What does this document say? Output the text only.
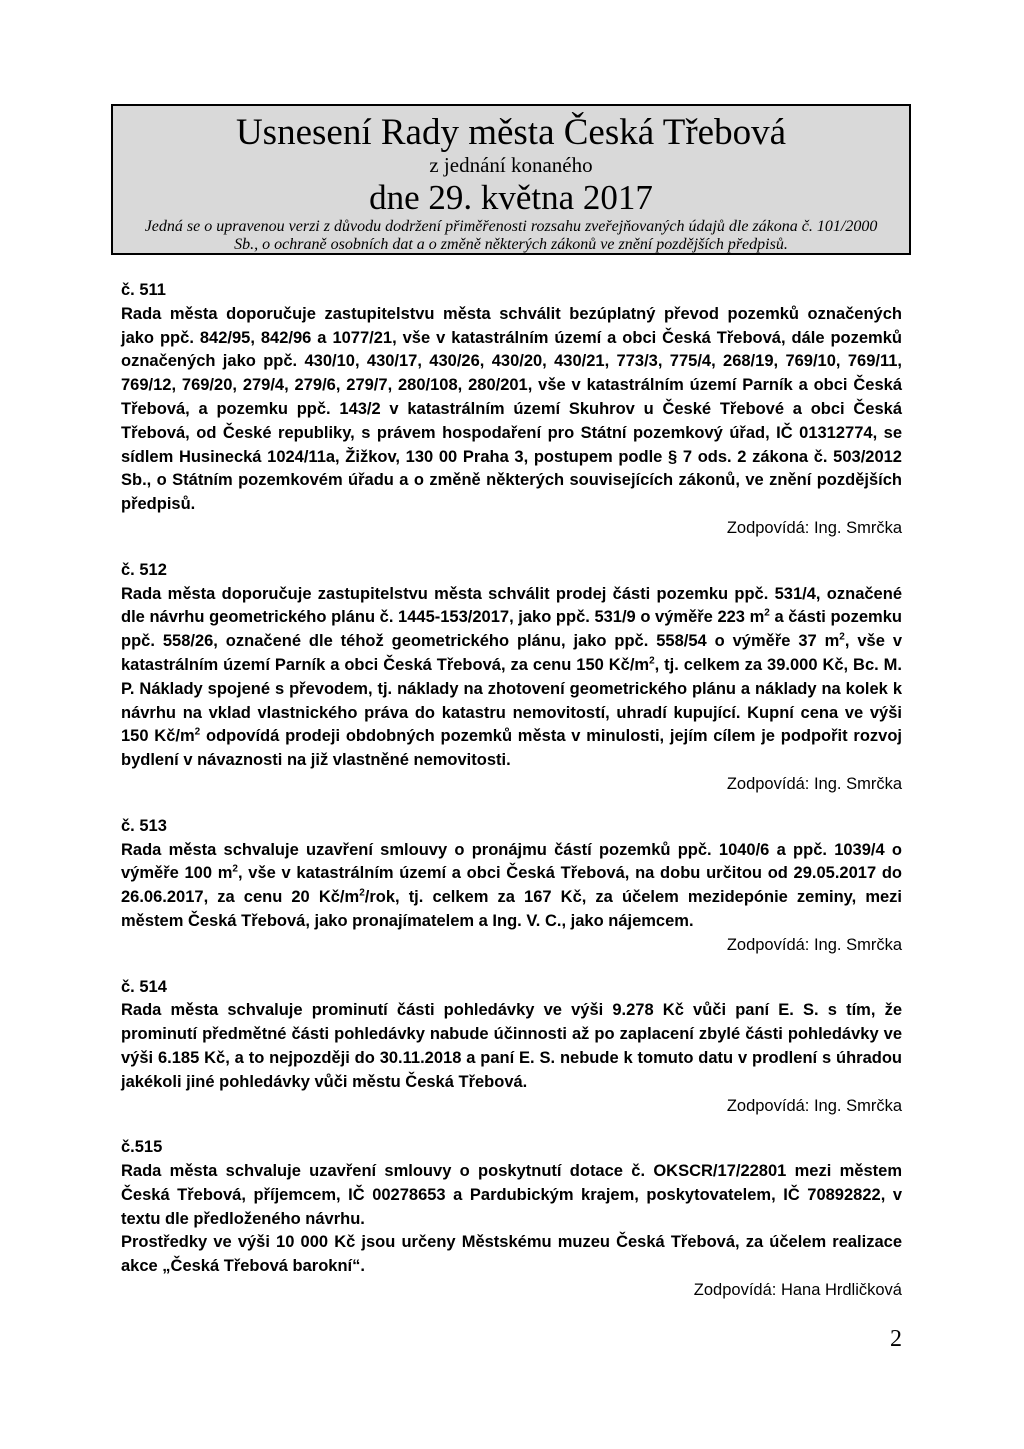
Usnesení Rady města Česká Třebová
z jednání konaného
dne 29. května 2017
Jedná se o upravenou verzi z důvodu dodržení přiměřenosti rozsahu zveřejňovaných údajů dle zákona č. 101/2000 Sb., o ochraně osobních dat a o změně některých zákonů ve znění pozdějších předpisů.
č. 511
Rada města doporučuje zastupitelstvu města schválit bezúplatný převod pozemků označených jako ppč. 842/95, 842/96 a 1077/21, vše v katastrálním území a obci Česká Třebová, dále pozemků označených jako ppč. 430/10, 430/17, 430/26, 430/20, 430/21, 773/3, 775/4, 268/19, 769/10, 769/11, 769/12, 769/20, 279/4, 279/6, 279/7, 280/108, 280/201, vše v katastrálním území Parník a obci Česká Třebová, a pozemku ppč. 143/2 v katastrálním území Skuhrov u České Třebové a obci Česká Třebová, od České republiky, s právem hospodaření pro Státní pozemkový úřad, IČ 01312774, se sídlem Husinecká 1024/11a, Žižkov, 130 00 Praha 3, postupem podle § 7 ods. 2 zákona č. 503/2012 Sb., o Státním pozemkovém úřadu a o změně některých souvisejících zákonů, ve znění pozdějších předpisů.
Zodpovídá: Ing. Smrčka
č. 512
Rada města doporučuje zastupitelstvu města schválit prodej části pozemku ppč. 531/4, označené dle návrhu geometrického plánu č. 1445-153/2017, jako ppč. 531/9 o výměře 223 $m^2$ a části pozemku ppč. 558/26, označené dle téhož geometrického plánu, jako ppč. 558/54 o výměře 37 $m^2$, vše v katastrálním území Parník a obci Česká Třebová, za cenu 150 $Kč/m^2$, tj. celkem za 39.000 Kč, Bc. M. P. Náklady spojené s převodem, tj. náklady na zhotovení geometrického plánu a náklady na kolek k návrhu na vklad vlastnického práva do katastru nemovitostí, uhradí kupující. Kupní cena ve výši 150 $Kč/m^2$ odpovídá prodeji obdobných pozemků města v minulosti, jejím cílem je podpořit rozvoj bydlení v návaznosti na již vlastněné nemovitosti.
Zodpovídá: Ing. Smrčka
č. 513
Rada města schvaluje uzavření smlouvy o pronájmu částí pozemků ppč. 1040/6 a ppč. 1039/4 o výměře 100 $m^2$, vše v katastrálním území a obci Česká Třebová, na dobu určitou od 29.05.2017 do 26.06.2017, za cenu 20 $Kč/m^2$/rok, tj. celkem za 167 Kč, za účelem mezidepónie zeminy, mezi městem Česká Třebová, jako pronajímatelem a Ing. V. C., jako nájemcem.
Zodpovídá: Ing. Smrčka
č. 514
Rada města schvaluje prominutí části pohledávky ve výši 9.278 Kč vůči paní E. S. s tím, že prominutí předmětné části pohledávky nabude účinnosti až po zaplacení zbylé části pohledávky ve výši 6.185 Kč, a to nejpozději do 30.11.2018 a paní E. S. nebude k tomuto datu v prodlení s úhradou jakékoli jiné pohledávky vůči městu Česká Třebová.
Zodpovídá: Ing. Smrčka
č.515

Rada města schvaluje uzavření smlouvy o poskytnutí dotace č. OKSCR/17/22801 mezi městem Česká Třebová, příjemcem, IČ 00278653 a Pardubickým krajem, poskytovatelem, IČ 70892822, v textu dle předloženého návrhu.

Prostředky ve výši 10 000 Kč jsou určeny Městskému muzeu Česká Třebová, za účelem realizace akce „Česká Třebová barokní“.

Zodpovídá: Hana Hrdličková
2
